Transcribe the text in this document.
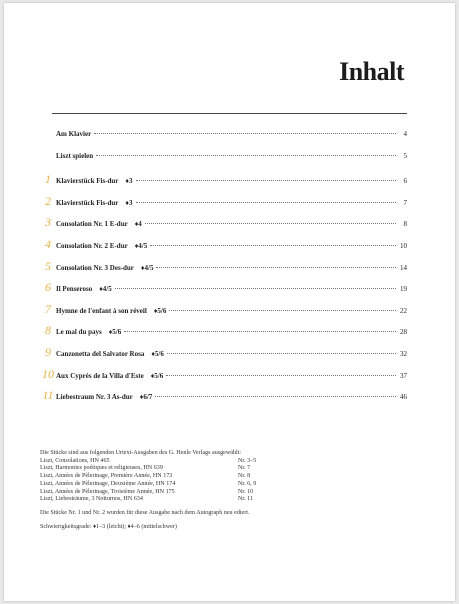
Inhalt
Am Klavier	4
Liszt spielen	5
1 Klavierstück Fis-dur ♦3	6
2 Klavierstück Fis-dur ♦3	7
3 Consolation Nr. 1 E-dur ♦4	8
4 Consolation Nr. 2 E-dur ♦4/5	10
5 Consolation Nr. 3 Des-dur ♦4/5	14
6 Il Penseroso ♦4/5	19
7 Hymne de l'enfant à son réveil ♦5/6	22
8 Le mal du pays ♦5/6	28
9 Canzonetta del Salvator Rosa ♦5/6	32
10 Aux Cyprès de la Villa d'Este ♦5/6	37
11 Liebestraum Nr. 3 As-dur ♦6/7	46
Die Stücke sind aus folgenden Urtext-Ausgaben des G. Henle Verlags ausgewählt:
Liszt, Consolations, HN 465	Nr. 3–5
Liszt, Harmonies poétiques et religieuses, HN 639	Nr. 7
Liszt, Années de Pèlerinage, Première Année, HN 173	Nr. 8
Liszt, Années de Pèlerinage, Deuxième Année, HN 174	Nr. 6, 9
Liszt, Années de Pèlerinage, Troisième Année, HN 175	Nr. 10
Liszt, Liebesträume, 3 Notturnos, HN 634	Nr. 11
Die Stücke Nr. 1 und Nr. 2 wurden für diese Ausgabe nach dem Autograph neu ediert.
Schwierigkeitsgrade: ♦1–3 (leicht); ♦4–6 (mittelschwer)
